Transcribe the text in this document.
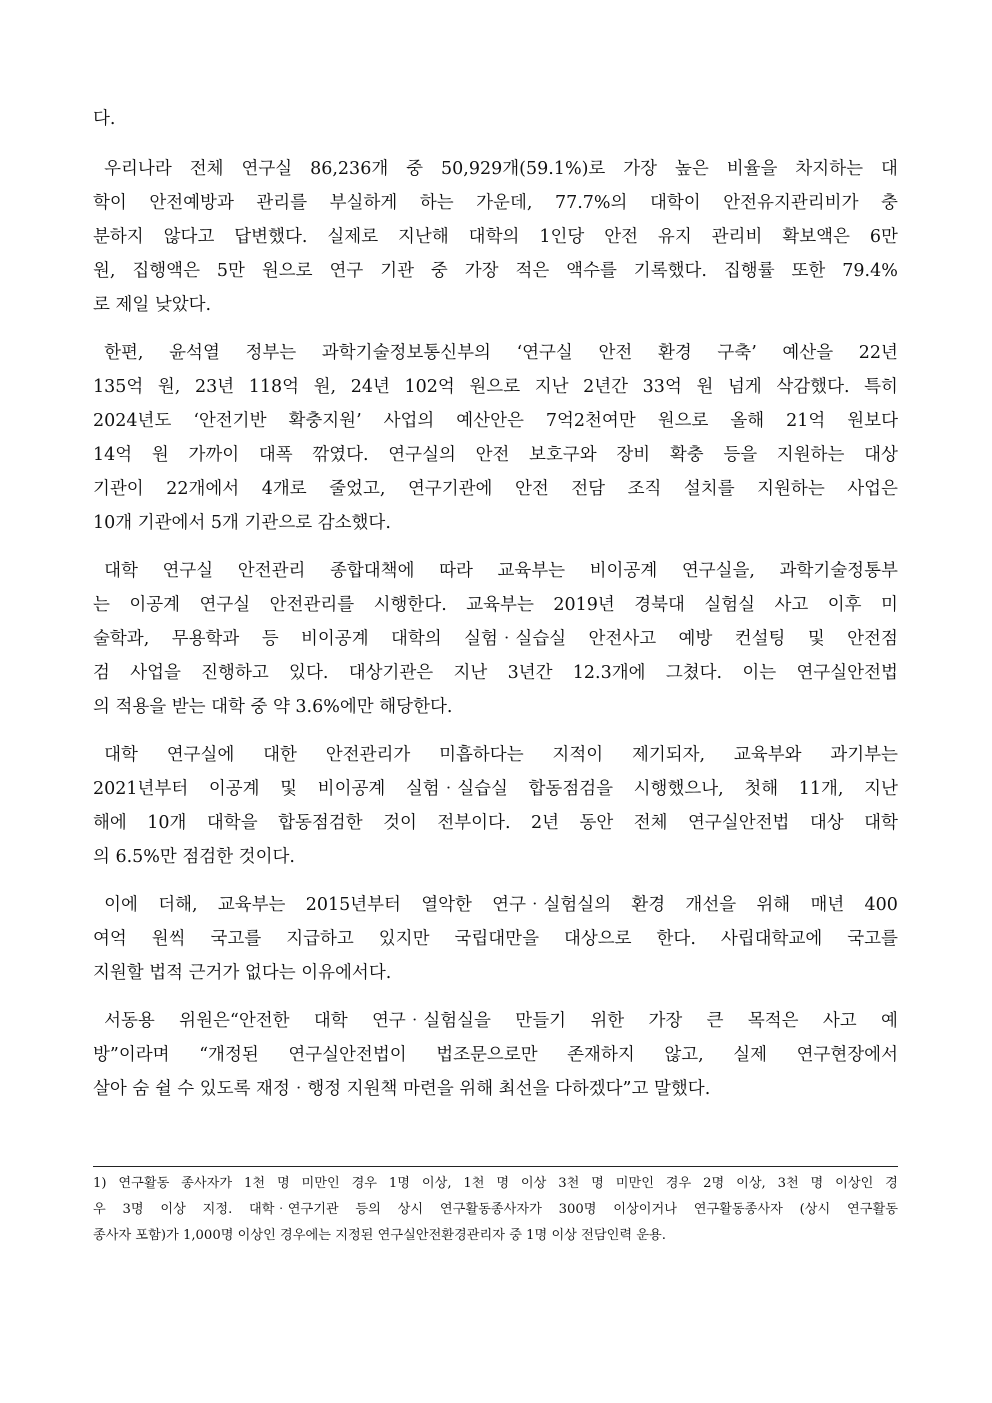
다.
우리나라 전체 연구실 86,236개 중 50,929개(59.1%)로 가장 높은 비율을 차지하는 대
학이 안전예방과 관리를 부실하게 하는 가운데, 77.7%의 대학이 안전유지관리비가 충
분하지 않다고 답변했다. 실제로 지난해 대학의 1인당 안전 유지 관리비 확보액은 6만
원, 집행액은 5만 원으로 연구 기관 중 가장 적은 액수를 기록했다. 집행률 또한 79.4%
로 제일 낮았다.
한편, 윤석열 정부는 과학기술정보통신부의 ‘연구실 안전 환경 구축’ 예산을 22년
135억 원, 23년 118억 원, 24년 102억 원으로 지난 2년간 33억 원 넘게 삭감했다. 특히
2024년도 ‘안전기반 확충지원’ 사업의 예산안은 7억2천여만 원으로 올해 21억 원보다
14억 원 가까이 대폭 깎였다. 연구실의 안전 보호구와 장비 확충 등을 지원하는 대상
기관이 22개에서 4개로 줄었고, 연구기관에 안전 전담 조직 설치를 지원하는 사업은
10개 기관에서 5개 기관으로 감소했다.
대학 연구실 안전관리 종합대책에 따라 교육부는 비이공계 연구실을, 과학기술정통부
는 이공계 연구실 안전관리를 시행한다. 교육부는 2019년 경북대 실험실 사고 이후 미
술학과, 무용학과 등 비이공계 대학의 실험‧실습실 안전사고 예방 컨설팅 및 안전점
검 사업을 진행하고 있다. 대상기관은 지난 3년간 12.3개에 그쳤다. 이는 연구실안전법
의 적용을 받는 대학 중 약 3.6%에만 해당한다.
대학 연구실에 대한 안전관리가 미흡하다는 지적이 제기되자, 교육부와 과기부는
2021년부터 이공계 및 비이공계 실험‧실습실 합동점검을 시행했으나, 첫해 11개, 지난
해에 10개 대학을 합동점검한 것이 전부이다. 2년 동안 전체 연구실안전법 대상 대학
의 6.5%만 점검한 것이다.
이에 더해, 교육부는 2015년부터 열악한 연구‧실험실의 환경 개선을 위해 매년 400
여억 원씩 국고를 지급하고 있지만 국립대만을 대상으로 한다. 사립대학교에 국고를
지원할 법적 근거가 없다는 이유에서다.
서동용 위원은“안전한 대학 연구‧실험실을 만들기 위한 가장 큰 목적은 사고 예
방”이라며 “개정된 연구실안전법이 법조문으로만 존재하지 않고, 실제 연구현장에서
살아 숨 쉴 수 있도록 재정‧행정 지원책 마련을 위해 최선을 다하겠다”고 말했다.
1) 연구활동 종사자가 1천 명 미만인 경우 1명 이상, 1천 명 이상 3천 명 미만인 경우 2명 이상, 3천 명 이상인 경
우 3명 이상 지정. 대학‧연구기관 등의 상시 연구활동종사자가 300명 이상이거나 연구활동종사자 (상시 연구활동
종사자 포함)가 1,000명 이상인 경우에는 지정된 연구실안전환경관리자 중 1명 이상 전담인력 운용.
